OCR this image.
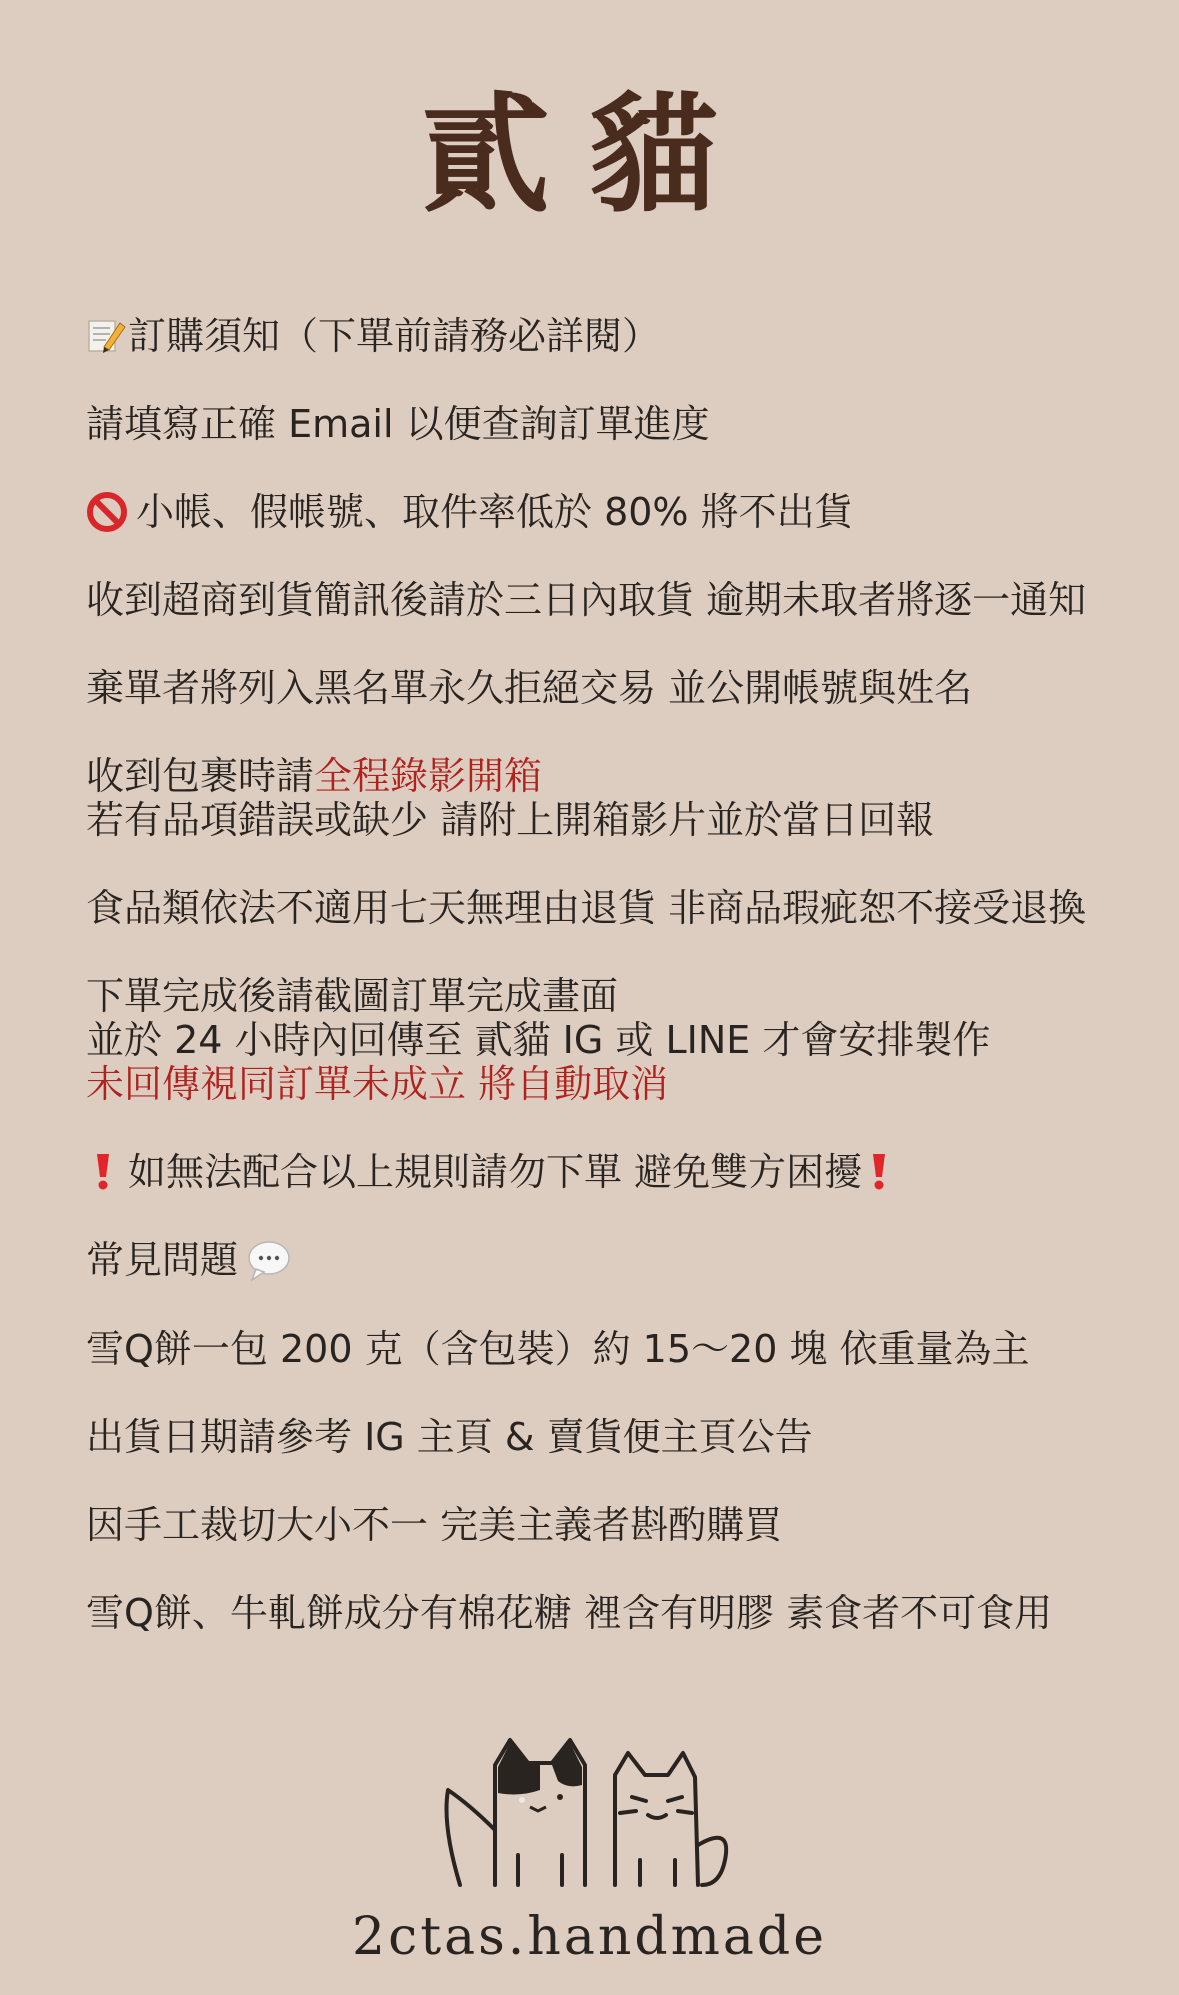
貳貓

訂購須知（下單前請務必詳閱）

請填寫正確 Email 以便查詢訂單進度

小帳、假帳號、取件率低於 80% 將不出貨

收到超商到貨簡訊後請於三日內取貨 逾期未取者將逐一通知

棄單者將列入黑名單永久拒絕交易 並公開帳號與姓名

收到包裹時請全程錄影開箱

若有品項錯誤或缺少 請附上開箱影片並於當日回報

食品類依法不適用七天無理由退貨 非商品瑕疵恕不接受退換

下單完成後請截圖訂單完成畫面

並於 24 小時內回傳至 貳貓 IG 或 LINE 才會安排製作

未回傳視同訂單未成立 將自動取消

如無法配合以上規則請勿下單 避免雙方困擾

常見問題

雪Q餅一包 200 克（含包裝）約 15～20 塊 依重量為主

出貨日期請參考 IG 主頁 & 賣貨便主頁公告

因手工裁切大小不一 完美主義者斟酌購買

雪Q餅、牛軋餅成分有棉花糖 裡含有明膠 素食者不可食用

2ctas.handmade
